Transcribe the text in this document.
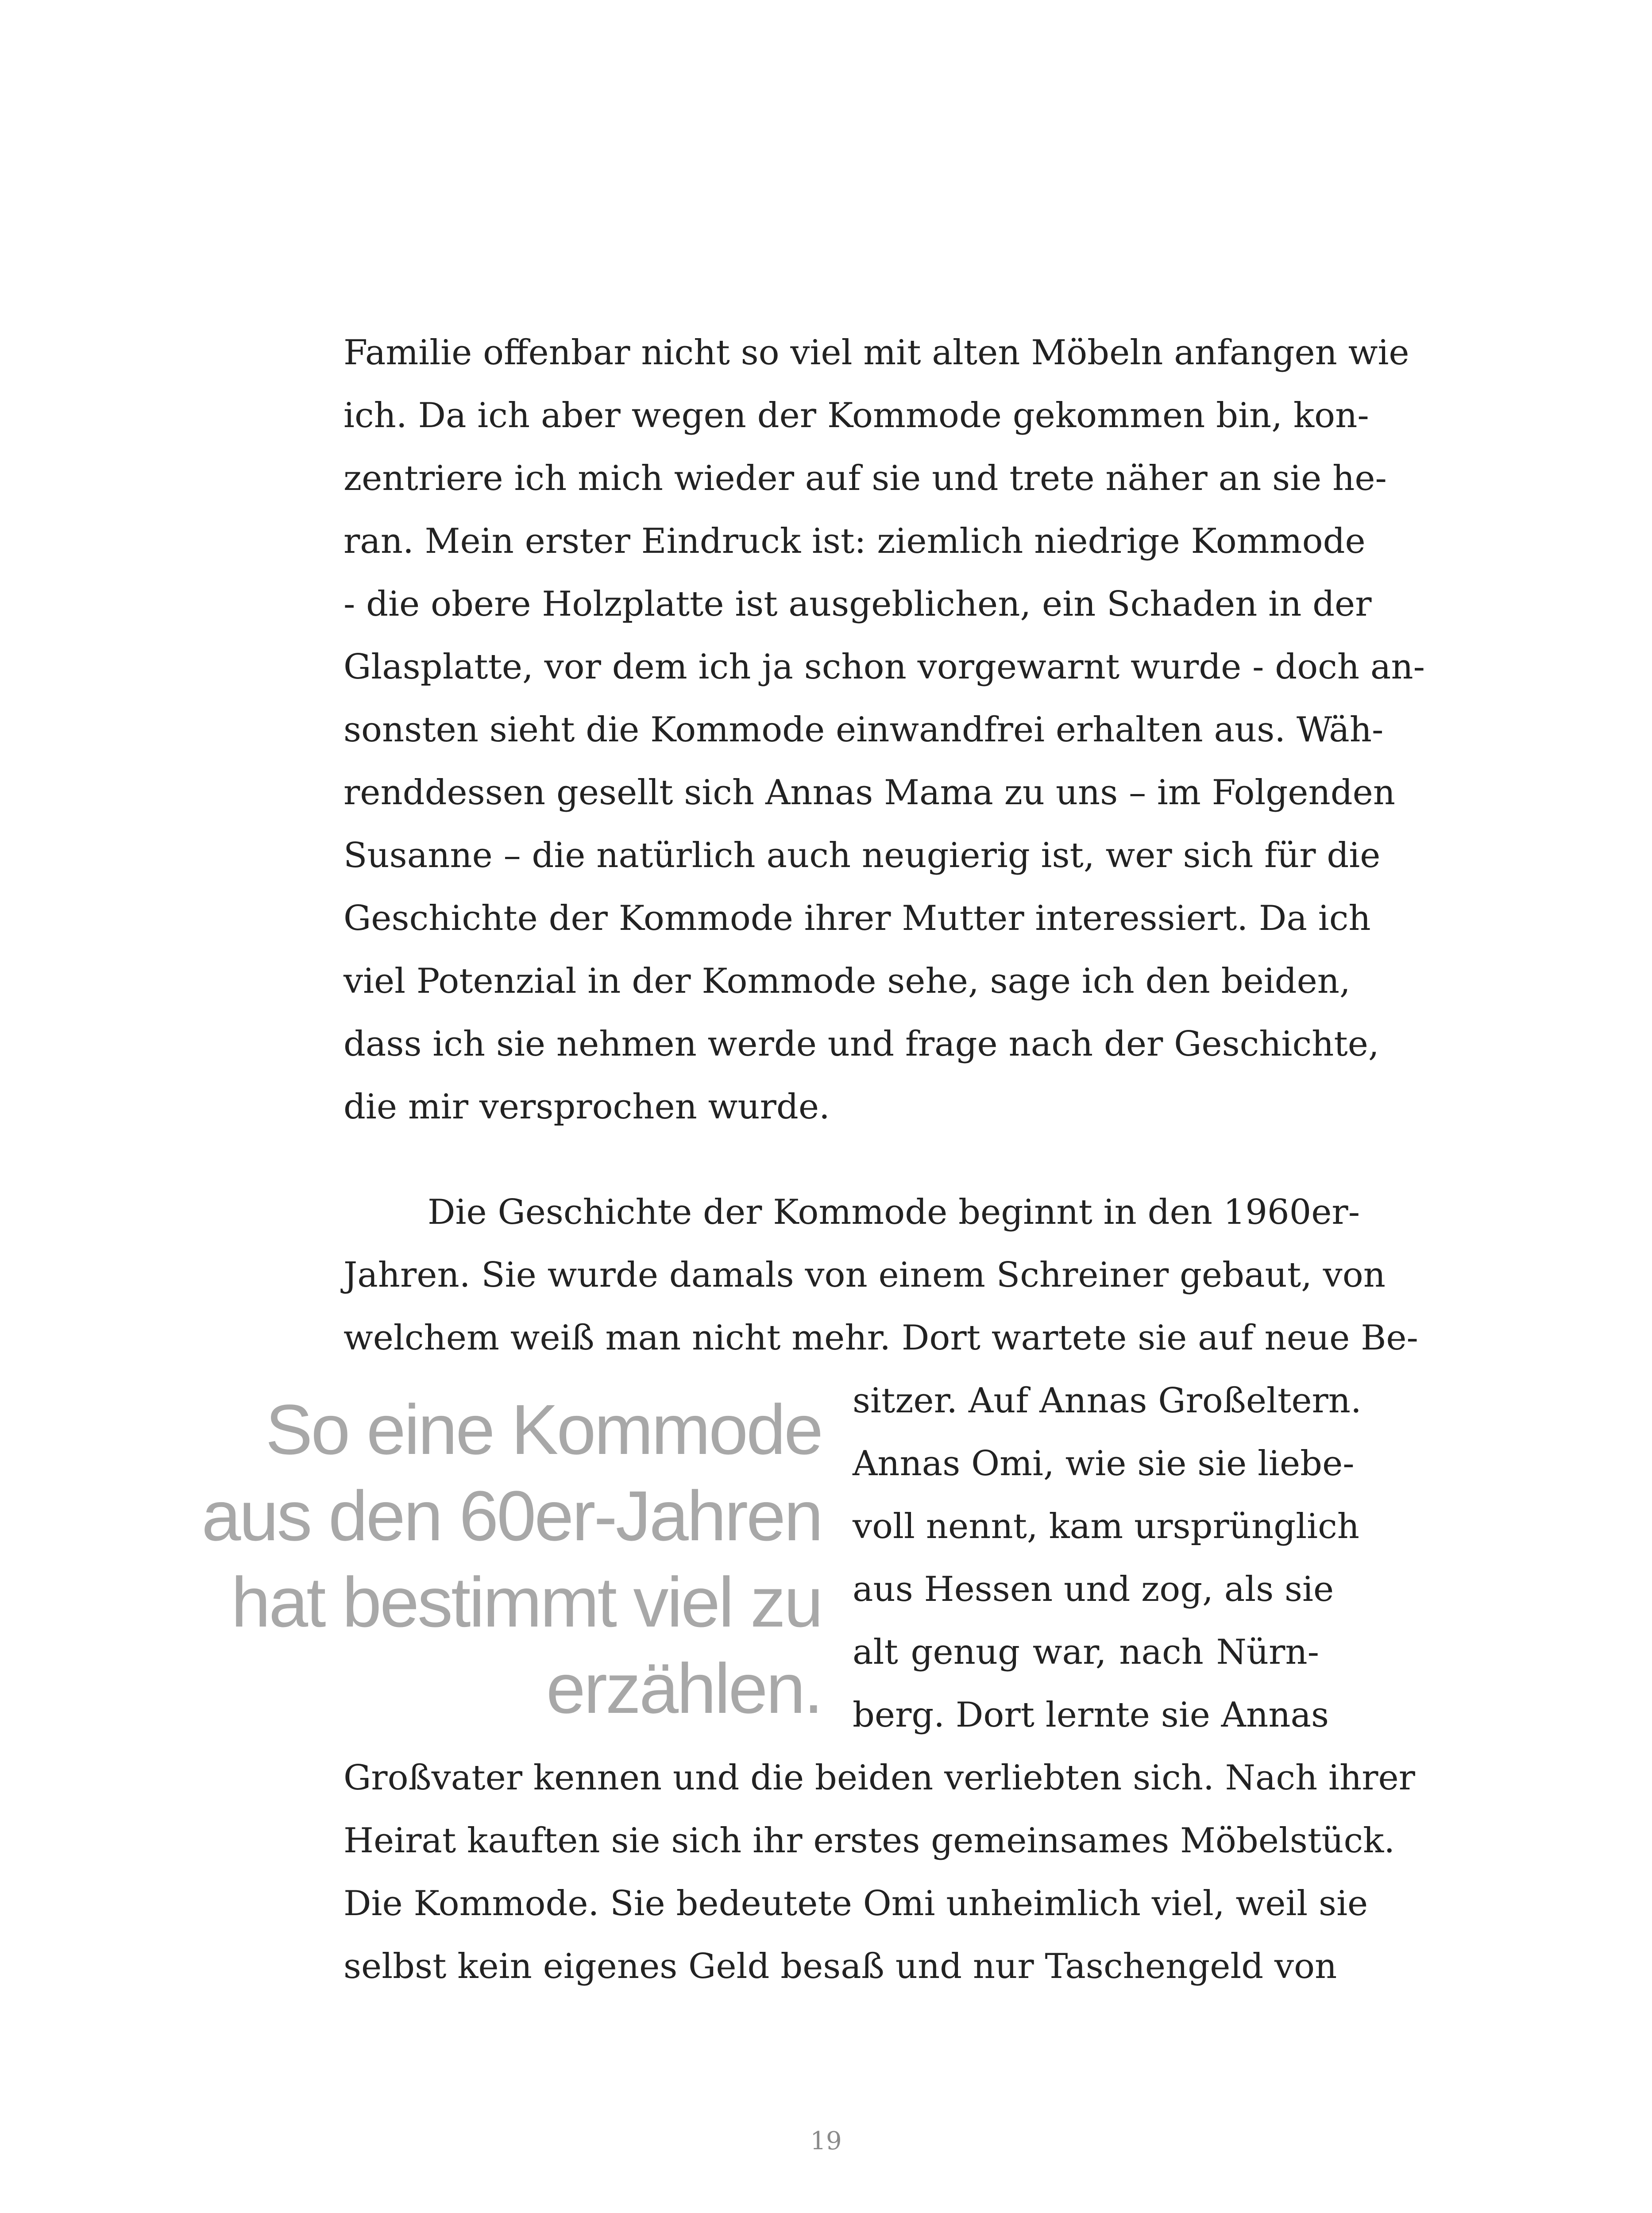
Familie offenbar nicht so viel mit alten Möbeln anfangen wie
ich. Da ich aber wegen der Kommode gekommen bin, kon-
zentriere ich mich wieder auf sie und trete näher an sie he-
ran. Mein erster Eindruck ist: ziemlich niedrige Kommode
- die obere Holzplatte ist ausgeblichen, ein Schaden in der
Glasplatte, vor dem ich ja schon vorgewarnt wurde - doch an-
sonsten sieht die Kommode einwandfrei erhalten aus. Wäh-
renddessen gesellt sich Annas Mama zu uns – im Folgenden
Susanne – die natürlich auch neugierig ist, wer sich für die
Geschichte der Kommode ihrer Mutter interessiert. Da ich
viel Potenzial in der Kommode sehe, sage ich den beiden,
dass ich sie nehmen werde und frage nach der Geschichte,
die mir versprochen wurde.
Die Geschichte der Kommode beginnt in den 1960er-
Jahren. Sie wurde damals von einem Schreiner gebaut, von
welchem weiß man nicht mehr. Dort wartete sie auf neue Be-
sitzer. Auf Annas Großeltern.
Annas Omi, wie sie sie liebe-
voll nennt, kam ursprünglich
aus Hessen und zog, als sie
alt genug war, nach Nürn-
berg. Dort lernte sie Annas
Großvater kennen und die beiden verliebten sich. Nach ihrer
Heirat kauften sie sich ihr erstes gemeinsames Möbelstück.
Die Kommode. Sie bedeutete Omi unheimlich viel, weil sie
selbst kein eigenes Geld besaß und nur Taschengeld von
So eine Kommode
aus den 60er-Jahren
hat bestimmt viel zu
erzählen.
19
